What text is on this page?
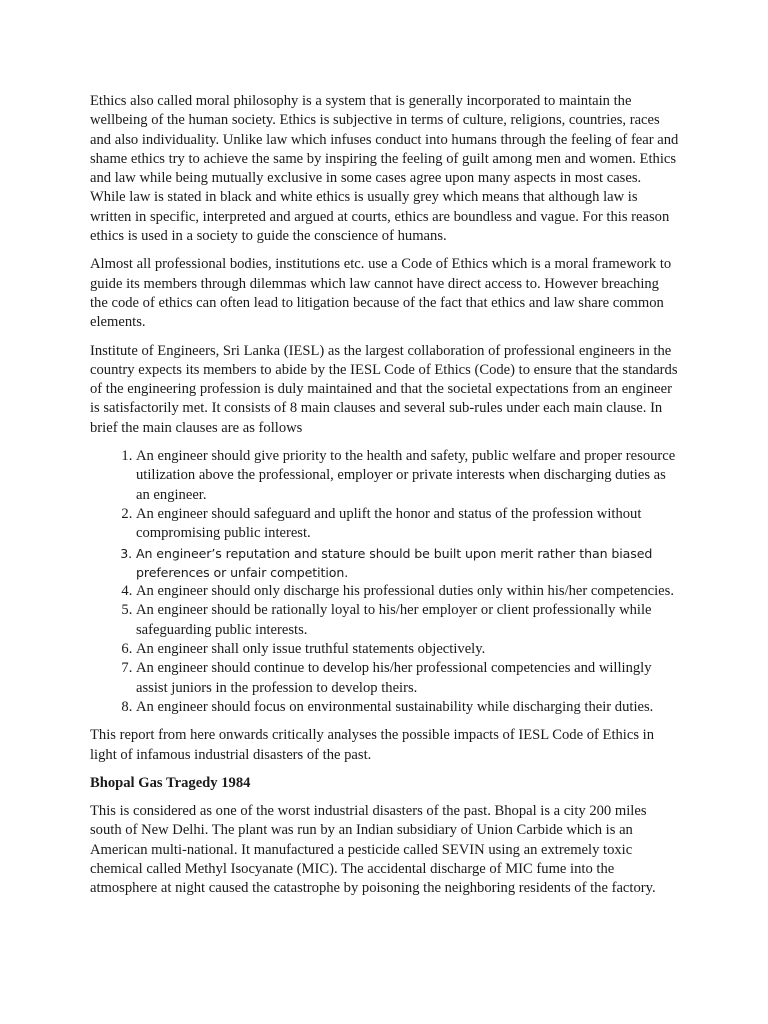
Ethics also called moral philosophy is a system that is generally incorporated to maintain the wellbeing of the human society. Ethics is subjective in terms of culture, religions, countries, races and also individuality. Unlike law which infuses conduct into humans through the feeling of fear and shame ethics try to achieve the same by inspiring the feeling of guilt among men and women. Ethics and law while being mutually exclusive in some cases agree upon many aspects in most cases. While law is stated in black and white ethics is usually grey which means that although law is written in specific, interpreted and argued at courts, ethics are boundless and vague. For this reason ethics is used in a society to guide the conscience of humans.

Almost all professional bodies, institutions etc. use a Code of Ethics which is a moral framework to guide its members through dilemmas which law cannot have direct access to. However breaching the code of ethics can often lead to litigation because of the fact that ethics and law share common elements.

Institute of Engineers, Sri Lanka (IESL) as the largest collaboration of professional engineers in the country expects its members to abide by the IESL Code of Ethics (Code) to ensure that the standards of the engineering profession is duly maintained and that the societal expectations from an engineer is satisfactorily met. It consists of 8 main clauses and several sub-rules under each main clause. In brief the main clauses are as follows

1. An engineer should give priority to the health and safety, public welfare and proper resource utilization above the professional, employer or private interests when discharging duties as an engineer.
2. An engineer should safeguard and uplift the honor and status of the profession without compromising public interest.
3. An engineer’s reputation and stature should be built upon merit rather than biased preferences or unfair competition.
4. An engineer should only discharge his professional duties only within his/her competencies.
5. An engineer should be rationally loyal to his/her employer or client professionally while safeguarding public interests.
6. An engineer shall only issue truthful statements objectively.
7. An engineer should continue to develop his/her professional competencies and willingly assist juniors in the profession to develop theirs.
8. An engineer should focus on environmental sustainability while discharging their duties.

This report from here onwards critically analyses the possible impacts of IESL Code of Ethics in light of infamous industrial disasters of the past.

Bhopal Gas Tragedy 1984

This is considered as one of the worst industrial disasters of the past. Bhopal is a city 200 miles south of New Delhi. The plant was run by an Indian subsidiary of Union Carbide which is an American multi-national. It manufactured a pesticide called SEVIN using an extremely toxic chemical called Methyl Isocyanate (MIC). The accidental discharge of MIC fume into the atmosphere at night caused the catastrophe by poisoning the neighboring residents of the factory.
